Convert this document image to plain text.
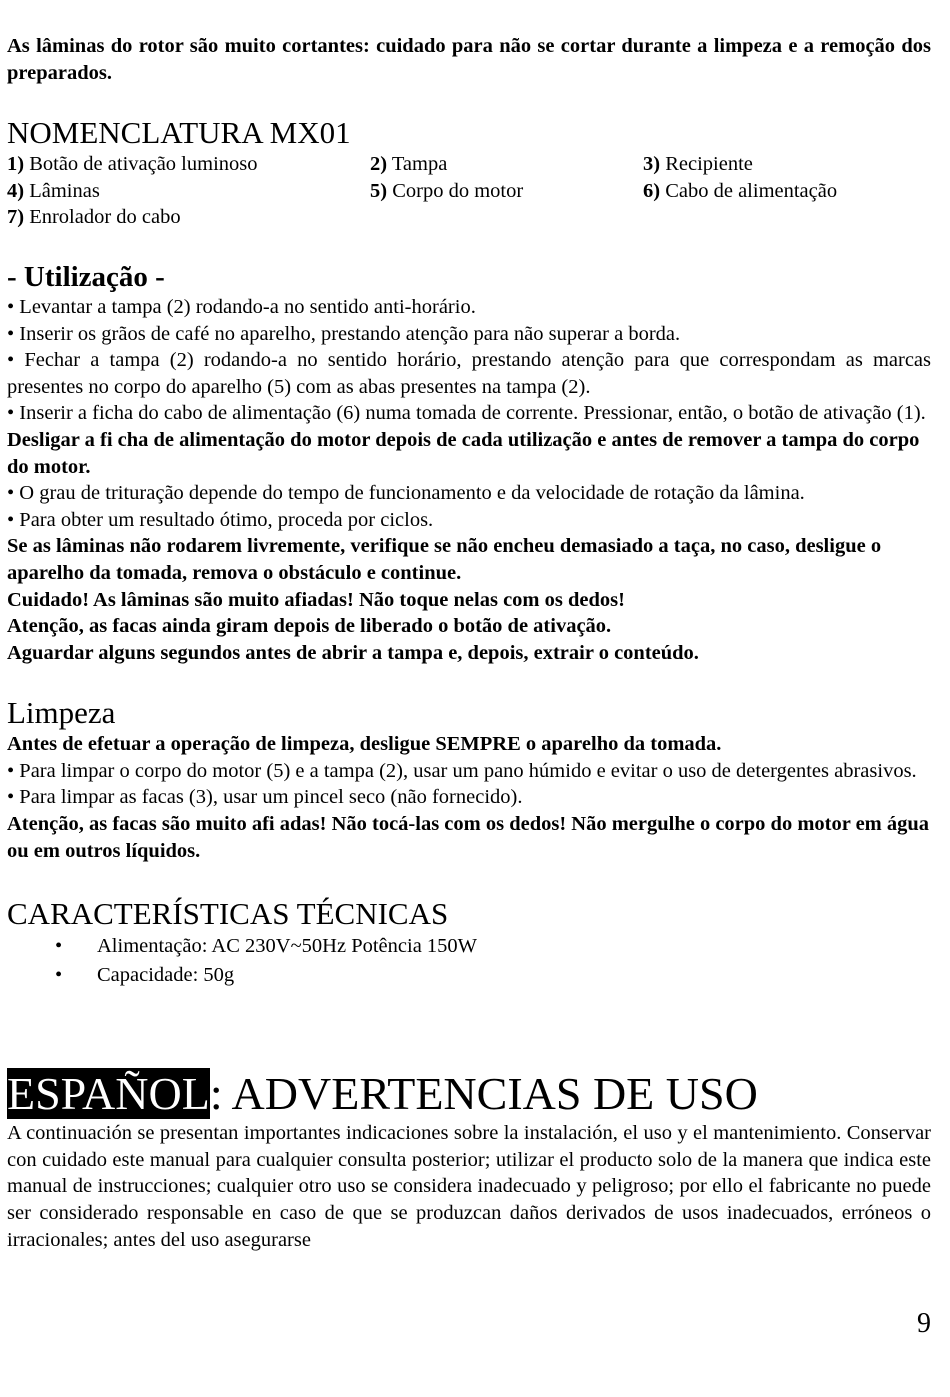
As lâminas do rotor são muito cortantes: cuidado para não se cortar durante a limpeza e a remoção dos preparados.

NOMENCLATURA MX01
1) Botão de ativação luminoso	2) Tampa	3) Recipiente
4) Lâminas	5) Corpo do motor	6) Cabo de alimentação
7) Enrolador do cabo

- Utilização -

• Levantar a tampa (2) rodando-a no sentido anti-horário.

• Inserir os grãos de café no aparelho, prestando atenção para não superar a borda.

• Fechar a tampa (2) rodando-a no sentido horário, prestando atenção para que correspondam as marcas presentes no corpo do aparelho (5) com as abas presentes na tampa (2).

• Inserir a ficha do cabo de alimentação (6) numa tomada de corrente. Pressionar, então, o botão de ativação (1).

Desligar a fi cha de alimentação do motor depois de cada utilização e antes de remover a tampa do corpo do motor.

• O grau de trituração depende do tempo de funcionamento e da velocidade de rotação da lâmina.

• Para obter um resultado ótimo, proceda por ciclos.

Se as lâminas não rodarem livremente, verifique se não encheu demasiado a taça, no caso, desligue o aparelho da tomada, remova o obstáculo e continue.

Cuidado! As lâminas são muito afiadas! Não toque nelas com os dedos!

Atenção, as facas ainda giram depois de liberado o botão de ativação.

Aguardar alguns segundos antes de abrir a tampa e, depois, extrair o conteúdo.

Limpeza

Antes de efetuar a operação de limpeza, desligue SEMPRE o aparelho da tomada.

• Para limpar o corpo do motor (5) e a tampa (2), usar um pano húmido e evitar o uso de detergentes abrasivos.

• Para limpar as facas (3), usar um pincel seco (não fornecido).

Atenção, as facas são muito afi adas! Não tocá-las com os dedos! Não mergulhe o corpo do motor em água ou em outros líquidos.

CARACTERÍSTICAS TÉCNICAS
• Alimentação: AC 230V~50Hz Potência 150W
• Capacidade: 50g

ESPAÑOL: ADVERTENCIAS DE USO

A continuación se presentan importantes indicaciones sobre la instalación, el uso y el mantenimiento. Conservar con cuidado este manual para cualquier consulta posterior; utilizar el producto solo de la manera que indica este manual de instrucciones; cualquier otro uso se considera inadecuado y peligroso; por ello el fabricante no puede ser considerado responsable en caso de que se produzcan daños derivados de usos inadecuados, erróneos o irracionales; antes del uso asegurarse

9
